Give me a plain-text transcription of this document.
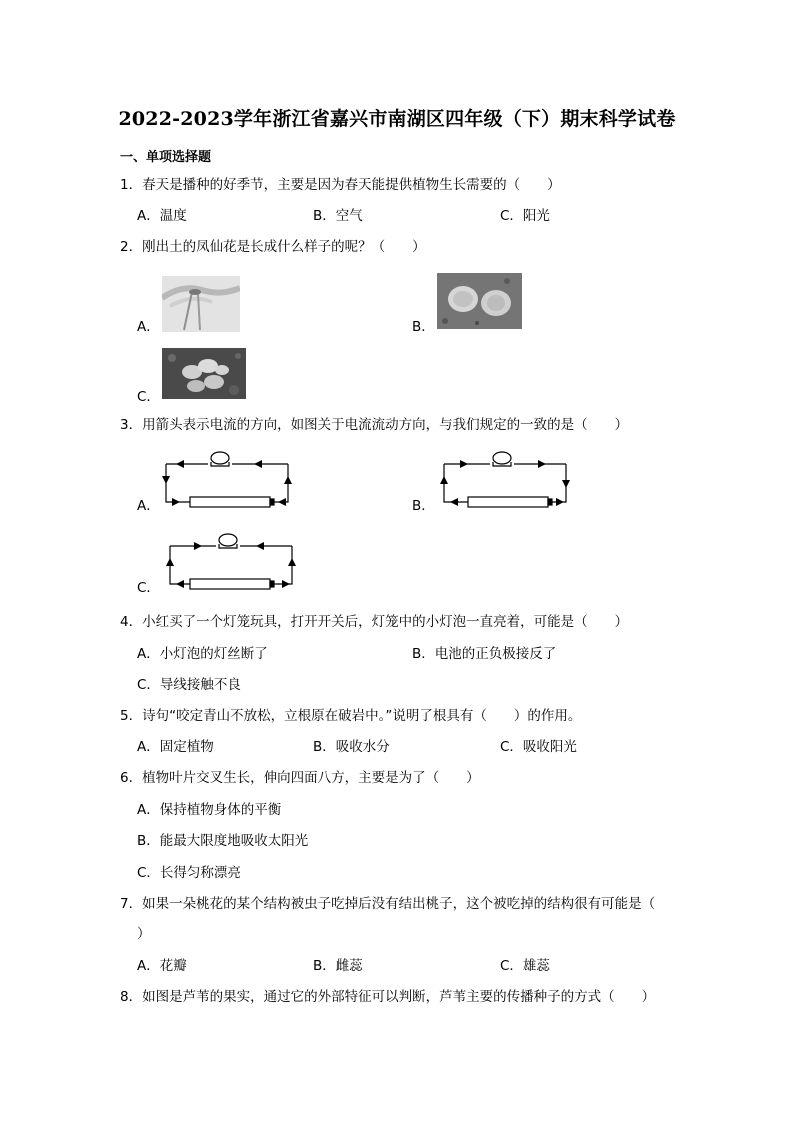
2022-2023学年浙江省嘉兴市南湖区四年级（下）期末科学试卷
一、单项选择题
1．春天是播种的好季节，主要是因为春天能提供植物生长需要的（　　）
A．温度	B．空气	C．阳光
2．刚出土的凤仙花是长成什么样子的呢？（　　）
A．	B．
C．
3．用箭头表示电流的方向，如图关于电流流动方向，与我们规定的一致的是（　　）
A．	B．
C．
4．小红买了一个灯笼玩具，打开开关后，灯笼中的小灯泡一直亮着，可能是（　　）
A．小灯泡的灯丝断了	B．电池的正负极接反了
C．导线接触不良
5．诗句“咬定青山不放松，立根原在破岩中。”说明了根具有（　　）的作用。
A．固定植物	B．吸收水分	C．吸收阳光
6．植物叶片交叉生长，伸向四面八方，主要是为了（　　）
A．保持植物身体的平衡
B．能最大限度地吸收太阳光
C．长得匀称漂亮
7．如果一朵桃花的某个结构被虫子吃掉后没有结出桃子，这个被吃掉的结构很有可能是（
）
A．花瓣	B．雌蕊	C．雄蕊
8．如图是芦苇的果实，通过它的外部特征可以判断，芦苇主要的传播种子的方式（　　）
